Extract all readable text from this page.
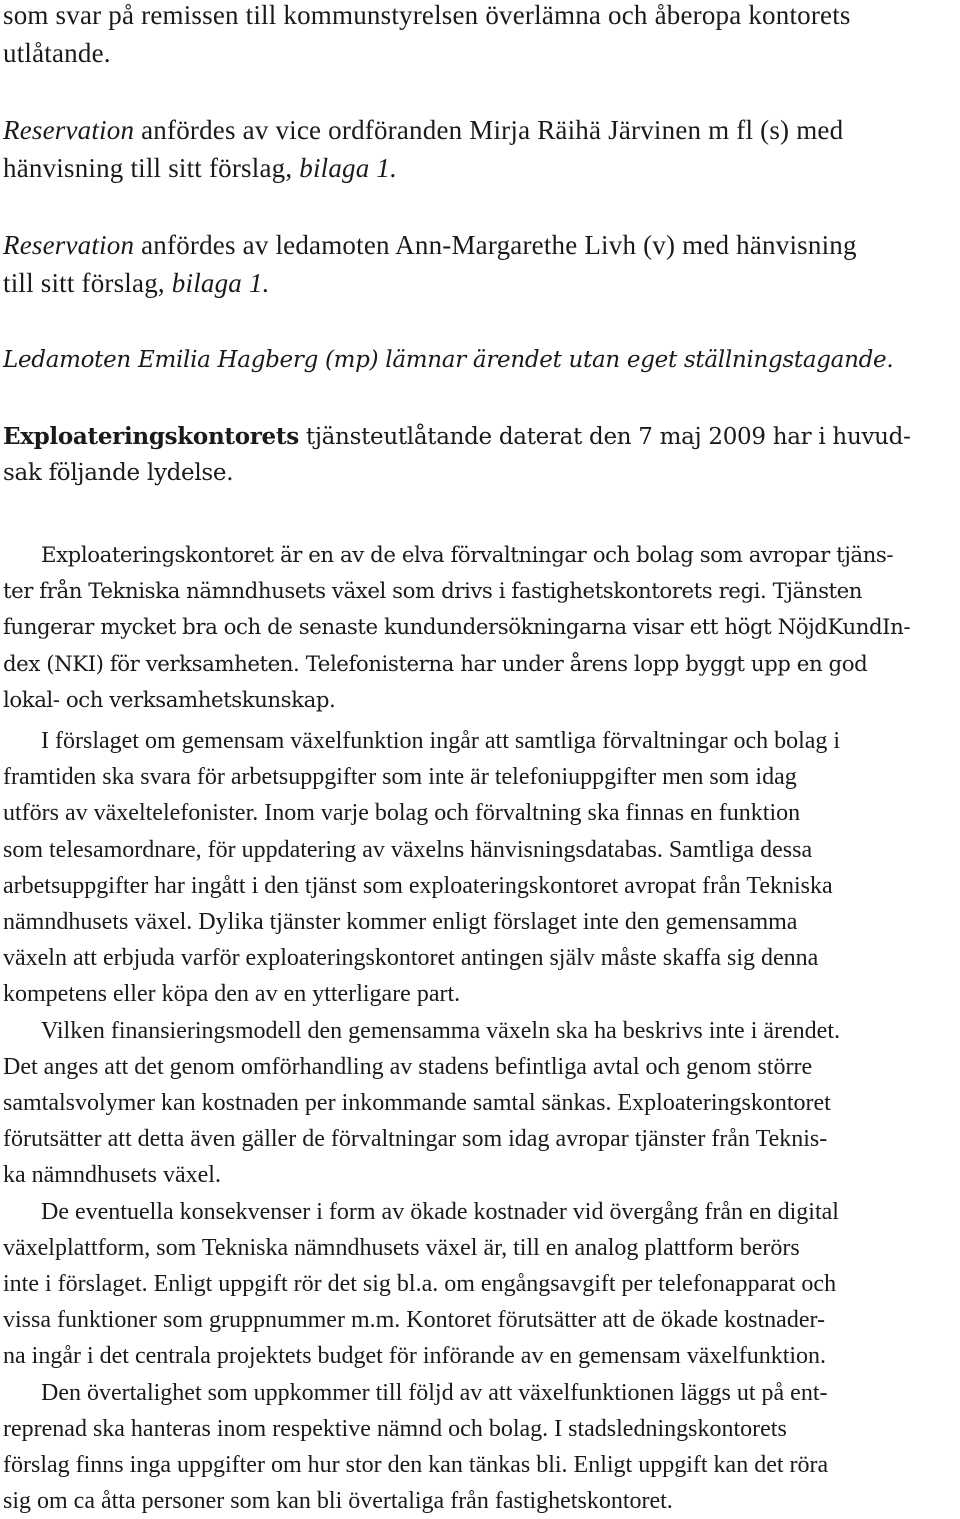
som svar på remissen till kommunstyrelsen överlämna och åberopa kontorets
utlåtande.
Reservation anfördes av vice ordföranden Mirja Räihä Järvinen m fl (s) med
hänvisning till sitt förslag, bilaga 1.
Reservation anfördes av ledamoten Ann-Margarethe Livh (v) med hänvisning
till sitt förslag, bilaga 1.
Ledamoten Emilia Hagberg (mp) lämnar ärendet utan eget ställningstagande.
Exploateringskontorets tjänsteutlåtande daterat den 7 maj 2009 har i huvud-
sak följande lydelse.
Exploateringskontoret är en av de elva förvaltningar och bolag som avropar tjäns-
ter från Tekniska nämndhusets växel som drivs i fastighetskontorets regi. Tjänsten
fungerar mycket bra och de senaste kundundersökningarna visar ett högt NöjdKundIn-
dex (NKI) för verksamheten. Telefonisterna har under årens lopp byggt upp en god
lokal- och verksamhetskunskap.
I förslaget om gemensam växelfunktion ingår att samtliga förvaltningar och bolag i
framtiden ska svara för arbetsuppgifter som inte är telefoniuppgifter men som idag
utförs av växeltelefonister. Inom varje bolag och förvaltning ska finnas en funktion
som telesamordnare, för uppdatering av växelns hänvisningsdatabas. Samtliga dessa
arbetsuppgifter har ingått i den tjänst som exploateringskontoret avropat från Tekniska
nämndhusets växel. Dylika tjänster kommer enligt förslaget inte den gemensamma
växeln att erbjuda varför exploateringskontoret antingen själv måste skaffa sig denna
kompetens eller köpa den av en ytterligare part.
Vilken finansieringsmodell den gemensamma växeln ska ha beskrivs inte i ärendet.
Det anges att det genom omförhandling av stadens befintliga avtal och genom större
samtalsvolymer kan kostnaden per inkommande samtal sänkas. Exploateringskontoret
förutsätter att detta även gäller de förvaltningar som idag avropar tjänster från Teknis-
ka nämndhusets växel.
De eventuella konsekvenser i form av ökade kostnader vid övergång från en digital
växelplattform, som Tekniska nämndhusets växel är, till en analog plattform berörs
inte i förslaget. Enligt uppgift rör det sig bl.a. om engångsavgift per telefonapparat och
vissa funktioner som gruppnummer m.m. Kontoret förutsätter att de ökade kostnader-
na ingår i det centrala projektets budget för införande av en gemensam växelfunktion.
Den övertalighet som uppkommer till följd av att växelfunktionen läggs ut på ent-
reprenad ska hanteras inom respektive nämnd och bolag. I stadsledningskontorets
förslag finns inga uppgifter om hur stor den kan tänkas bli. Enligt uppgift kan det röra
sig om ca åtta personer som kan bli övertaliga från fastighetskontoret.
